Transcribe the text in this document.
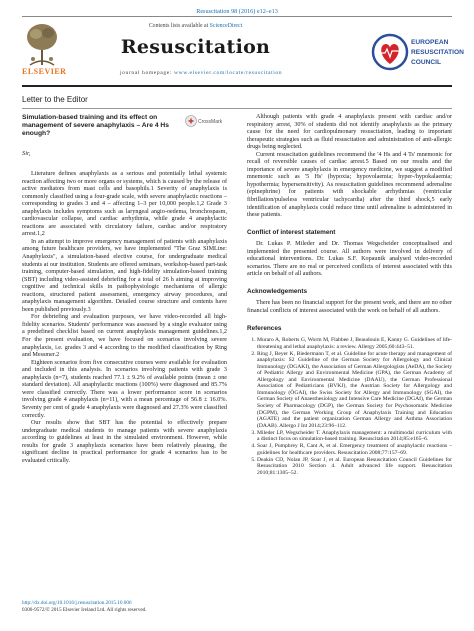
Resuscitation 98 (2016) e12–e13
ELSEVIER
Contents lists available at ScienceDirect
Resuscitation
journal homepage: www.elsevier.com/locate/resuscitation
EUROPEAN
RESUSCITATION
COUNCIL
Letter to the Editor
Simulation-based training and its effect on management of severe anaphylaxis – Are 4 Hs enough?
CrossMark
Sir,

Literature defines anaphylaxis as a serious and potentially lethal systemic reaction affecting two or more organs or systems, which is caused by the release of active mediators from mast cells and basophils.1 Severity of anaphylaxis is commonly classified using a four-grade scale, with severe anaphylactic reactions – corresponding to grades 3 and 4 – affecting 1–3 per 10,000 people.1,2 Grade 3 anaphylaxis includes symptoms such as laryngeal angio-oedema, bronchospasm, cardiovascular collapse, and cardiac arrhythmia, while grade 4 anaphylactic reactions are associated with circulatory failure, cardiac and/or respiratory arrest.1,2

In an attempt to improve emergency management of patients with anaphylaxis among future healthcare providers, we have implemented "The Graz SIMLine: Anaphylaxis", a simulation-based elective course, for undergraduate medical students at our institution. Students are offered seminars, workshop-based part-task training, computer-based simulation, and high-fidelity simulation-based training (SBT) including video-assisted debriefing for a total of 26 h aiming at improving cognitive and technical skills in pathophysiologic mechanisms of allergic reactions, structured patient assessment, emergency airway procedures, and anaphylaxis management algorithm. Detailed course structure and contents have been published previously.3

For debriefing and evaluation purposes, we have video-recorded all high-fidelity scenarios. Students' performance was assessed by a single evaluator using a predefined checklist based on current anaphylaxis management guidelines.1,2 For the present evaluation, we have focused on scenarios involving severe anaphylaxis, i.e. grades 3 and 4 according to the modified classification by Ring and Messmer.2

Eighteen scenarios from five consecutive courses were available for evaluation and included in this analysis. In scenarios involving patients with grade 3 anaphylaxis (n=7), students reached 77.1 ± 9.2% of available points (mean ± one standard deviation). All anaphylactic reactions (100%) were diagnosed and 85.7% were classified correctly. There was a lower performance score in scenarios involving grade 4 anaphylaxis (n=11), with a mean percentage of 56.8 ± 16.0%. Seventy per cent of grade 4 anaphylaxis were diagnosed and 27.3% were classified correctly.

Our results show that SBT has the potential to effectively prepare undergraduate medical students to manage patients with severe anaphylaxis according to guidelines at least in the simulated environment. However, while results for grade 3 anaphylaxis scenarios have been relatively pleasing, the significant decline in practical performance for grade 4 scenarios has to be evaluated critically.

Although patients with grade 4 anaphylaxis present with cardiac and/or respiratory arrest, 30% of students did not identify anaphylaxis as the primary cause for the need for cardiopulmonary resuscitation, leading to important therapeutic strategies such as fluid resuscitation and administration of anti-allergic drugs being neglected.

Current resuscitation guidelines recommend the '4 Hs and 4 Ts' mnemonic for recall of reversible causes of cardiac arrest.5 Based on our results and the importance of severe anaphylaxis in emergency medicine, we suggest a modified mnemonic such as '5 Hs' (hypoxia; hypovolaemia; hyper-/hypokalaemia; hypothermia; hypersensitivity). As resuscitation guidelines recommend adrenaline (epinephrine) for patients with shockable arrhythmias (ventricular fibrillation/pulseless ventricular tachycardia) after the third shock,5 early identification of anaphylaxis could reduce time until adrenaline is administered in these patients.

Conflict of interest statement

Dr. Lukas P. Mileder and Dr. Thomas Wegscheider conceptualised and implemented the presented course. All authors were involved in delivery of educational interventions. Dr. Lukas S.F. Kopaunik analysed video-recorded scenarios. There are no real or perceived conflicts of interest associated with this article on behalf of all authors.

Acknowledgements

There has been no financial support for the present work, and there are no other financial conflicts of interest associated with the work on behalf of all authors.

References
1. Muraro A, Roberts G, Worm M, Flabbee J, Beaudouin E, Kanny G. Guidelines of life-threatening and lethal anaphylaxis: a review. Allergy 2005;60:443–51.
2. Ring J, Beyer K, Biedermann T, et al. Guideline for acute therapy and management of anaphylaxis: S2 Guideline of the German Society for Allergology and Clinical Immunology (DGAKI), the Association of German Allergologists (AeDA), the Society of Pediatric Allergy and Environmental Medicine (GPA), the German Academy of Allergology and Environmental Medicine (DAAU), the German Professional Association of Pediatricians (BVKJ), the Austrian Society for Allergology and Immunology (ÖGAI), the Swiss Society for Allergy and Immunology (SGAI), the German Society of Anaesthesiology and Intensive Care Medicine (DGAI), the German Society of Pharmacology (DGP), the German Society for Psychosomatic Medicine (DGPM), the German Working Group of Anaphylaxis Training and Education (AGATE) and the patient organization German Allergy and Asthma Association (DAAB). Allergo J Int 2014;23:96–112.
3. Mileder LP, Wegscheider T. Anaphylaxis management: a multimodal curriculum with a distinct focus on simulation-based training. Resuscitation 2014;85:e165–6.
4. Soar J, Pumphrey R, Cant A, et al. Emergency treatment of anaphylactic reactions – guidelines for healthcare providers. Resuscitation 2008;77:157–69.
5. Deakin CD, Nolan JP, Soar J, et al. European Resuscitation Council Guidelines for Resuscitation 2010 Section 4. Adult advanced life support. Resuscitation 2010;81:1305–52.
http://dx.doi.org/10.1016/j.resuscitation.2015.10.006
0300-9572/© 2015 Elsevier Ireland Ltd. All rights reserved.
